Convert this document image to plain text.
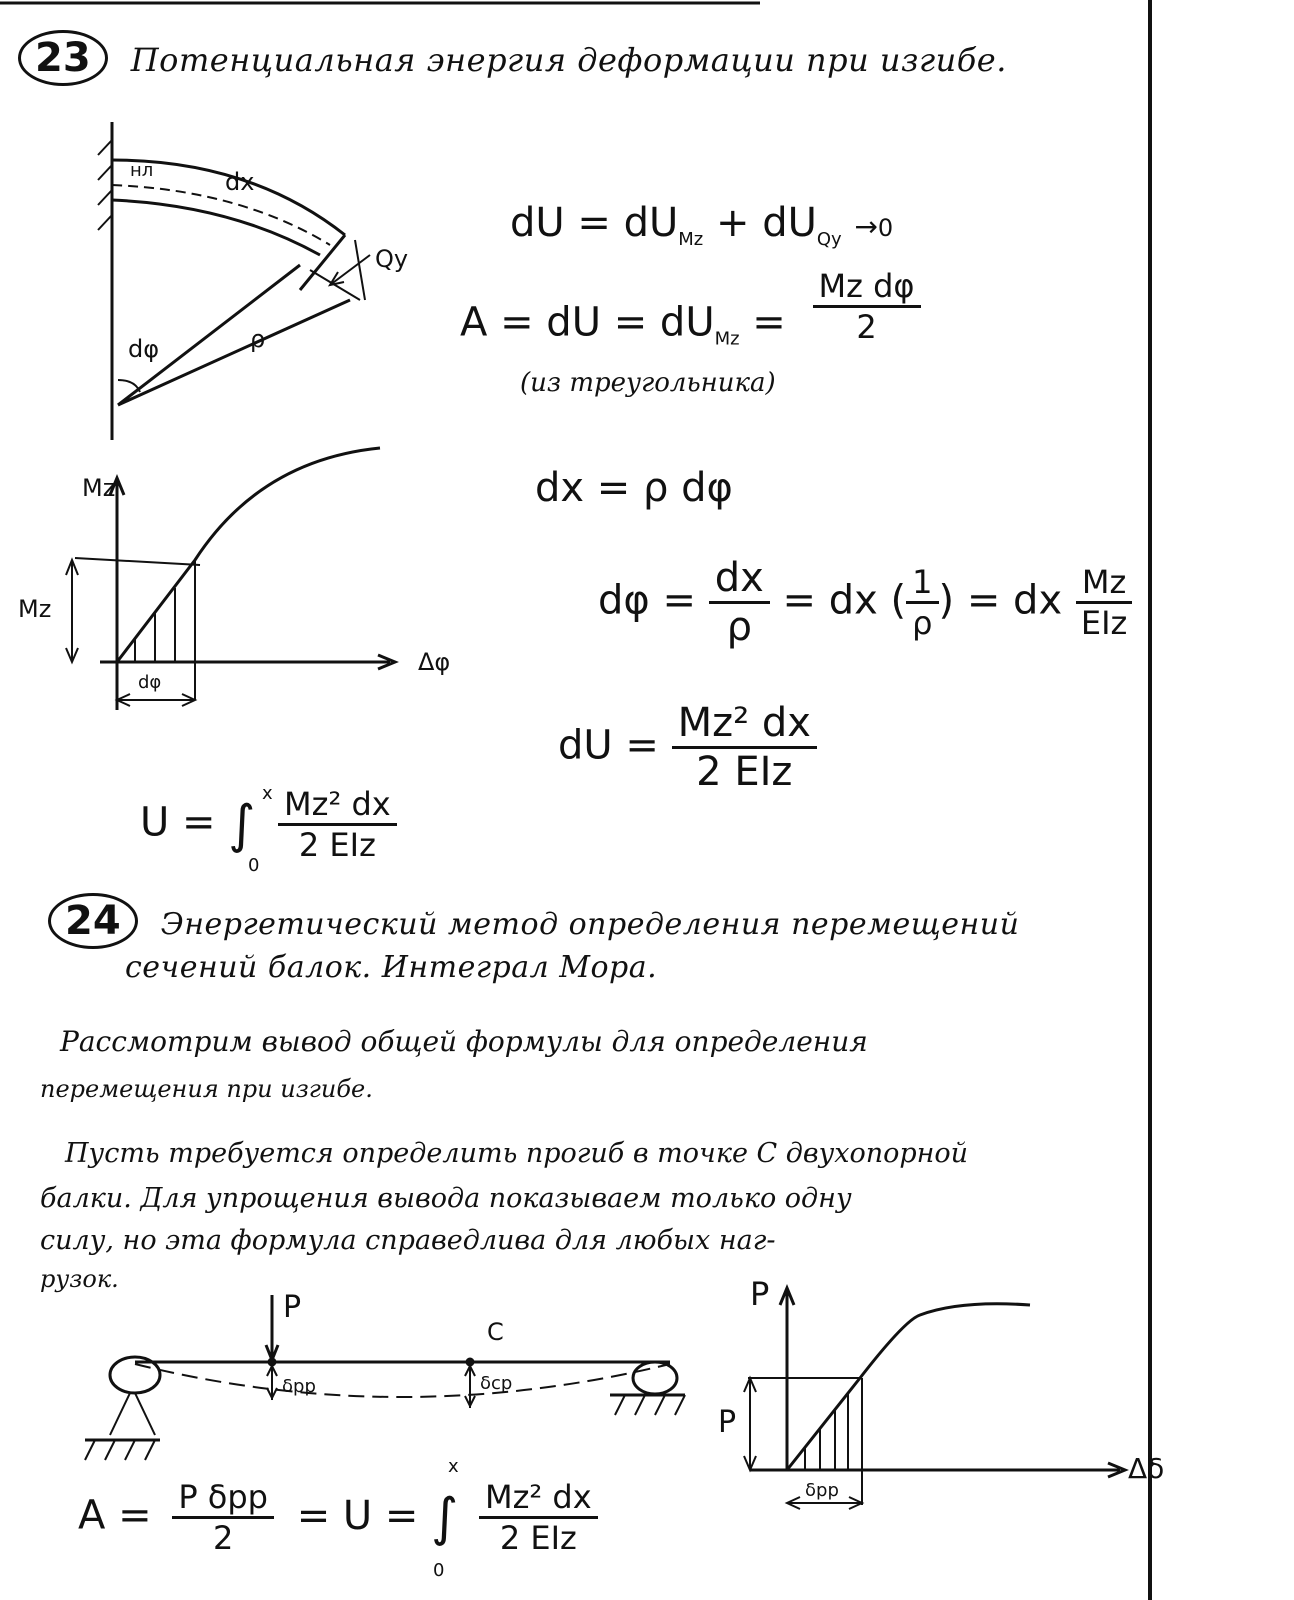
23 Потенциальная энергия деформации при изгибе.
нл	dx
Qy
dφ	ρ
dU = $dU_{Mz} + dU_{Qy} \to 0$
A = dU = $dU_{Mz} = \frac{\text{Mz dφ}}{2}$
(из треугольника)
Mz
Δφ
Mz
dφ
dx = ρ dφ
$d\varphi = \frac{dx}{\rho}$ = dx ( $\frac{1}{\rho}$ ) = dx $\frac{Mz}{\text{EIz}}$
dU = $\frac{\text{Mz² dx}}{\text{2 EIz}}$
U = ∫
x
0
$\frac{\text{Mz² dx}}{\text{2 EIz}}$
24 Энергетический метод определения перемещений
сечений балок. Интеграл Мора.
Рассмотрим вывод общей формулы для определения
перемещения при изгибе.
Пусть требуется определить прогиб в точке С двухопорной
балки. Для упрощения вывода показываем только одну
силу, но эта формула справедлива для любых наг-
рузок.
P
C
δpp	δcp
P
Δδ
P
δpp
$A = \frac{\text{P δpp}}{2} = U$ = ∫
x
0
$\frac{\text{Mz² dx}}{\text{2 EIz}}$
